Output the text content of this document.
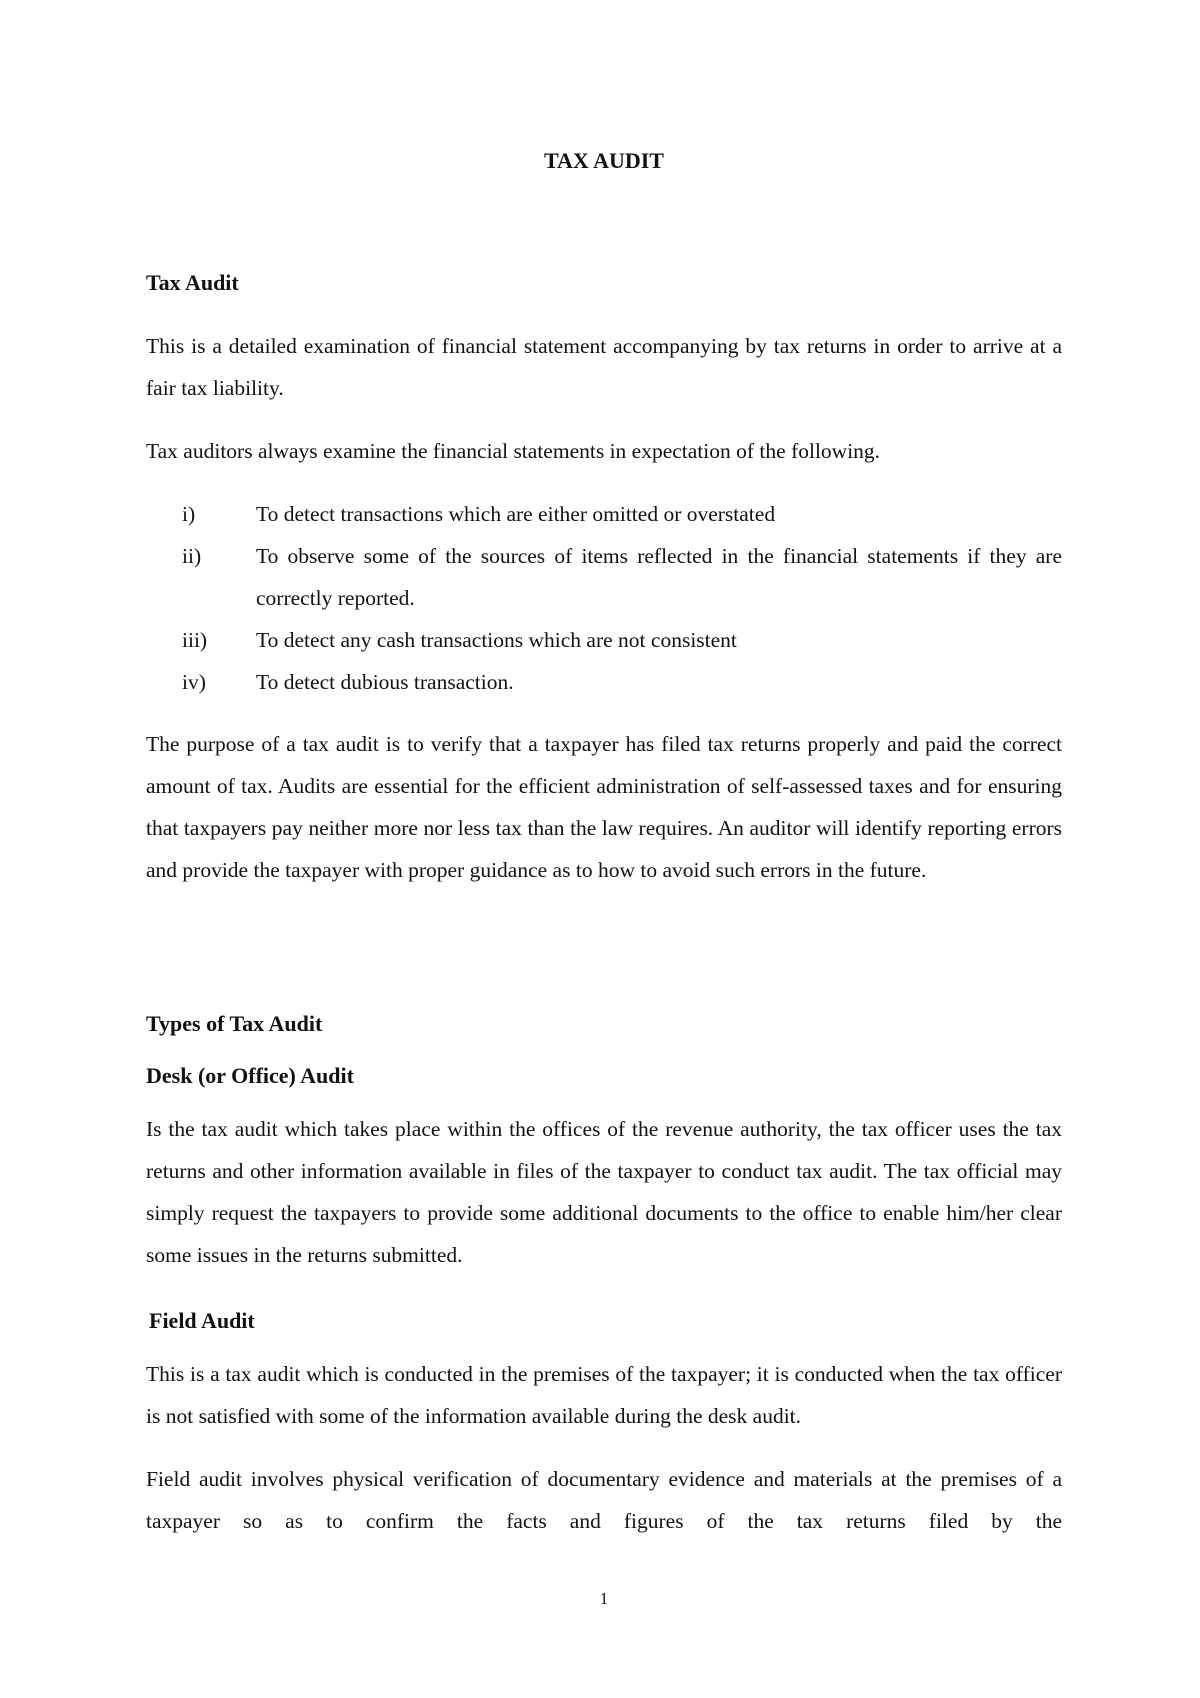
TAX AUDIT
Tax Audit

This is a detailed examination of financial statement accompanying by tax returns in order to arrive at a fair tax liability.

Tax auditors always examine the financial statements in expectation of the following.

i)	To detect transactions which are either omitted or overstated
ii)	To observe some of the sources of items reflected in the financial statements if they are correctly reported.
iii) To detect any cash transactions which are not consistent
iv) To detect dubious transaction.

The purpose of a tax audit is to verify that a taxpayer has filed tax returns properly and paid the correct amount of tax. Audits are essential for the efficient administration of self-assessed taxes and for ensuring that taxpayers pay neither more nor less tax than the law requires. An auditor will identify reporting errors and provide the taxpayer with proper guidance as to how to avoid such errors in the future.

Types of Tax Audit
Desk (or Office) Audit

Is the tax audit which takes place within the offices of the revenue authority, the tax officer uses the tax returns and other information available in files of the taxpayer to conduct tax audit. The tax official may simply request the taxpayers to provide some additional documents to the office to enable him/her clear some issues in the returns submitted.

Field Audit

This is a tax audit which is conducted in the premises of the taxpayer; it is conducted when the tax officer is not satisfied with some of the information available during the desk audit.

Field audit involves physical verification of documentary evidence and materials at the premises of a taxpayer so as to confirm the facts and figures of the tax returns filed by the

1
